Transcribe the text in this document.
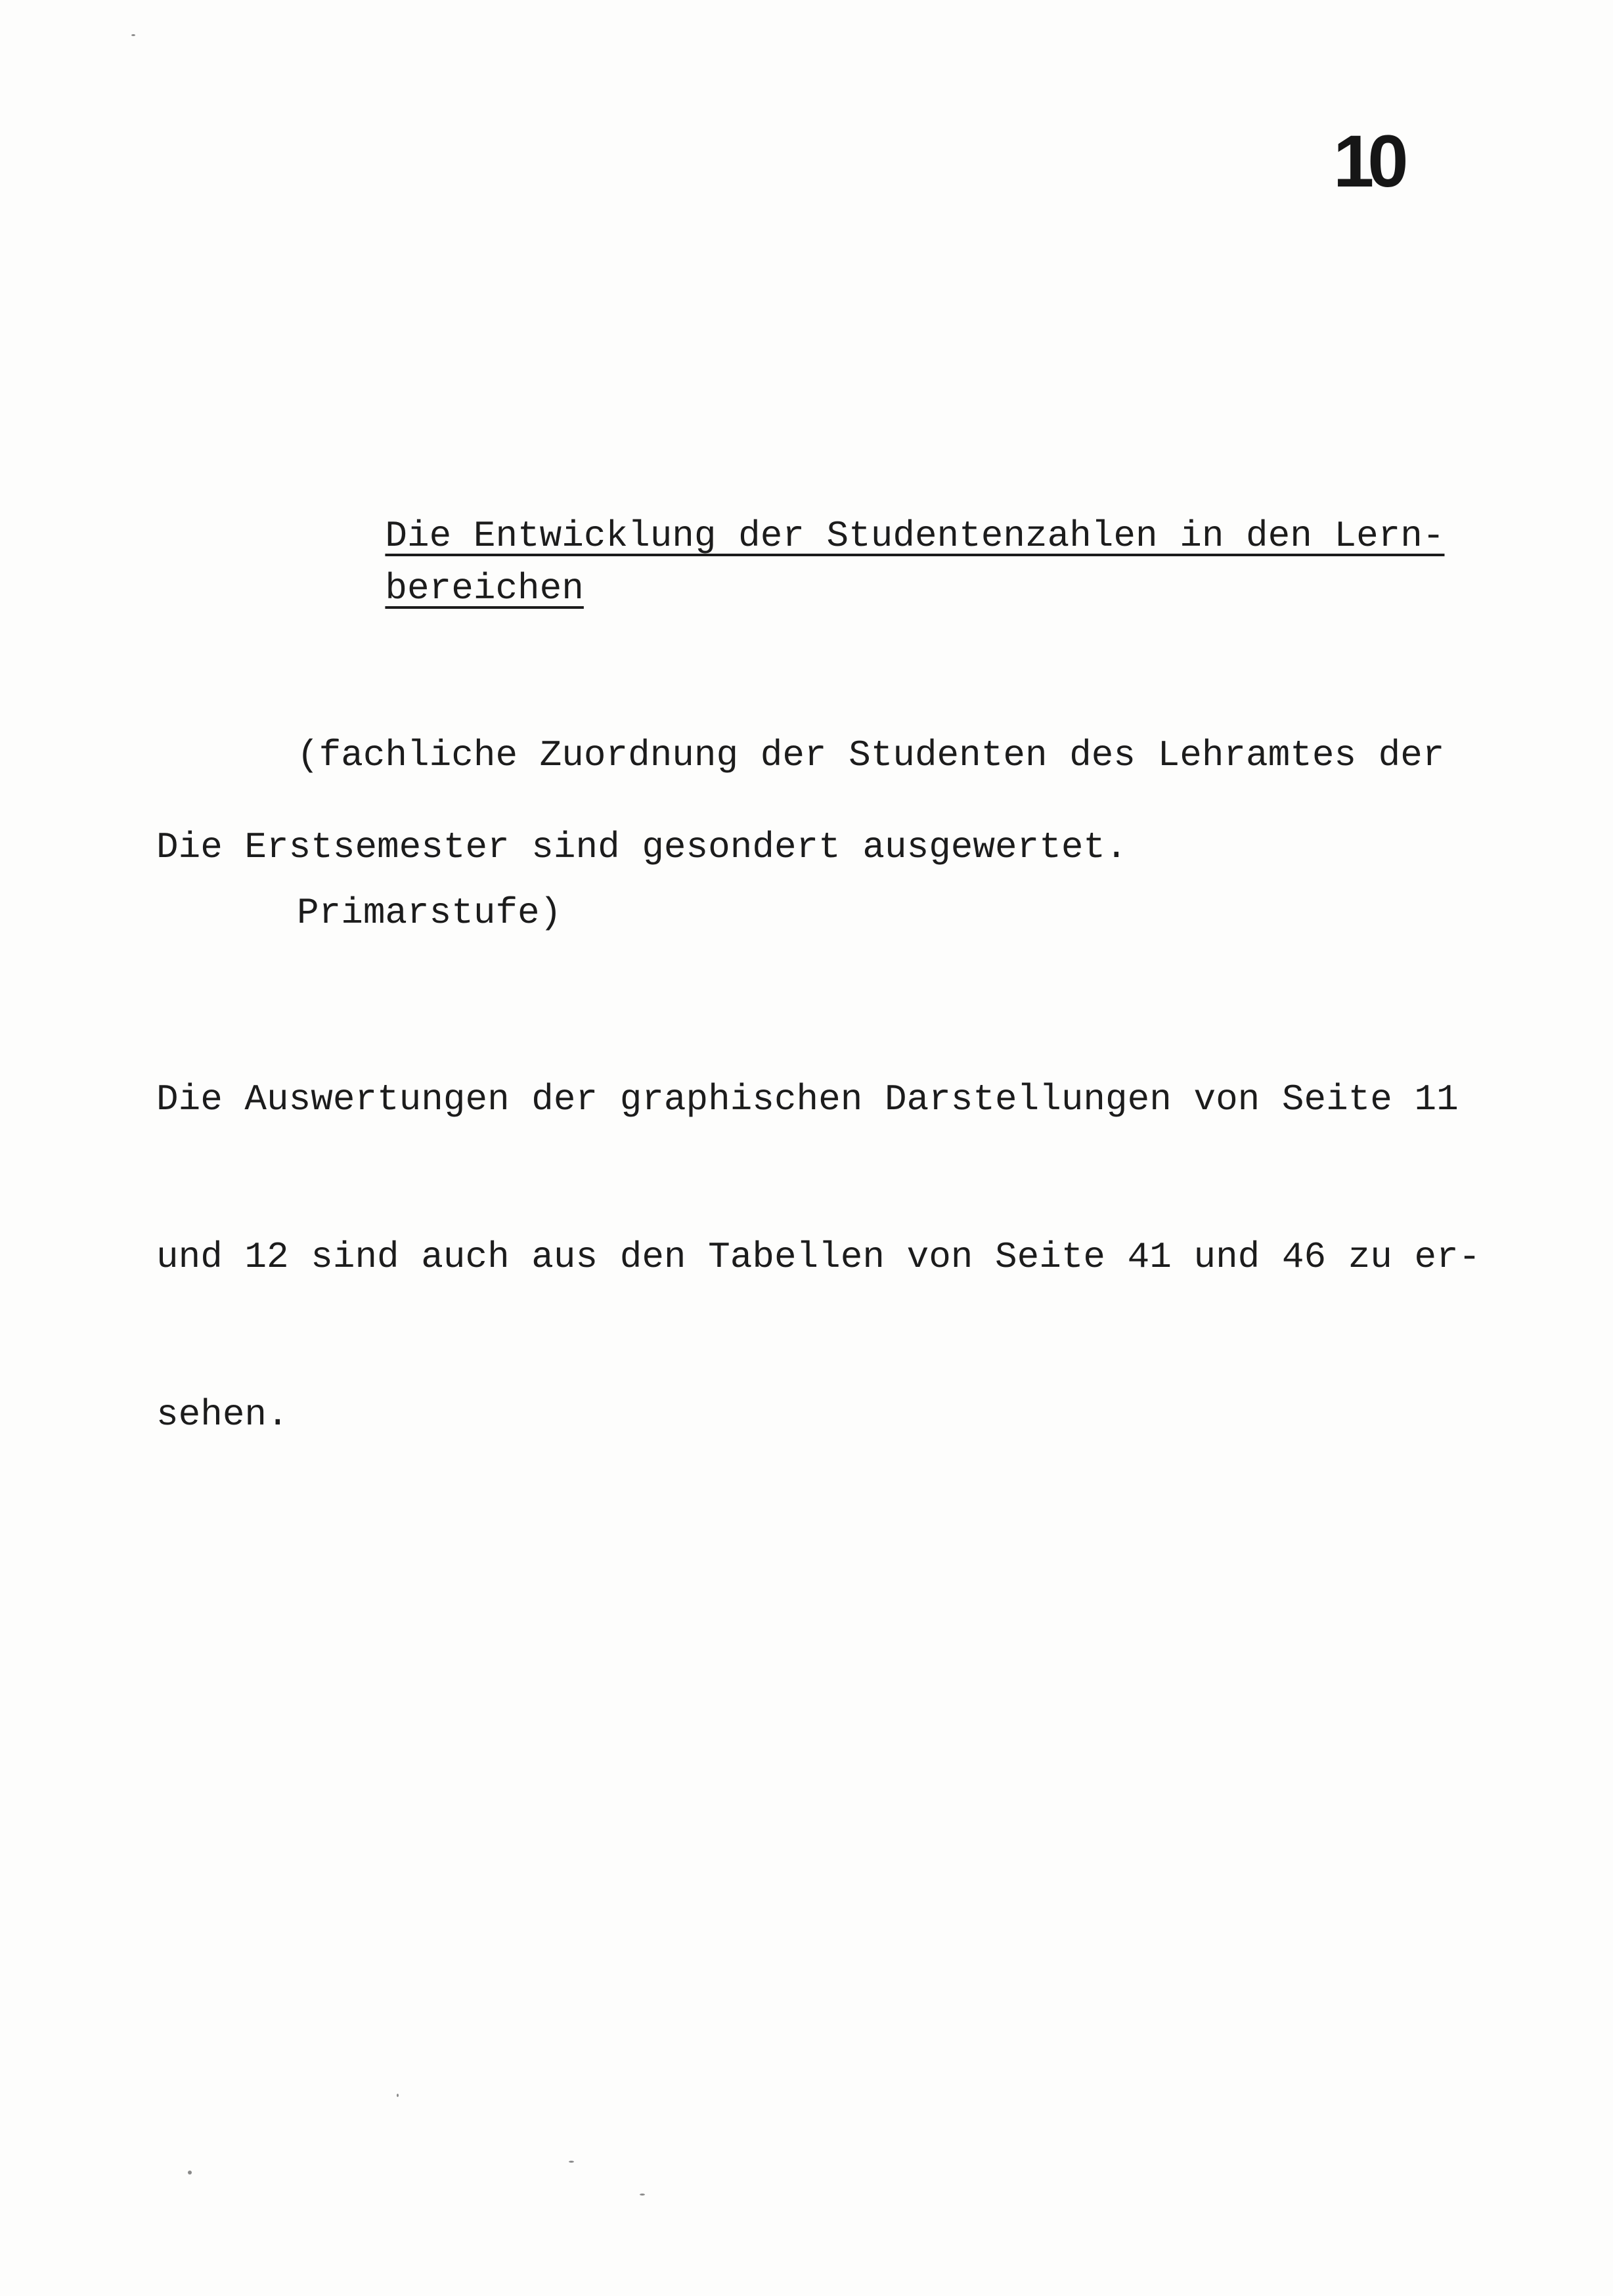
10

Die Entwicklung der Studentenzahlen in den Lern-
bereichen

(fachliche Zuordnung der Studenten des Lehramtes der

Primarstufe)

Die Erstsemester sind gesondert ausgewertet.

Die Auswertungen der graphischen Darstellungen von Seite 11

und 12 sind auch aus den Tabellen von Seite 41 und 46 zu er-

sehen.
